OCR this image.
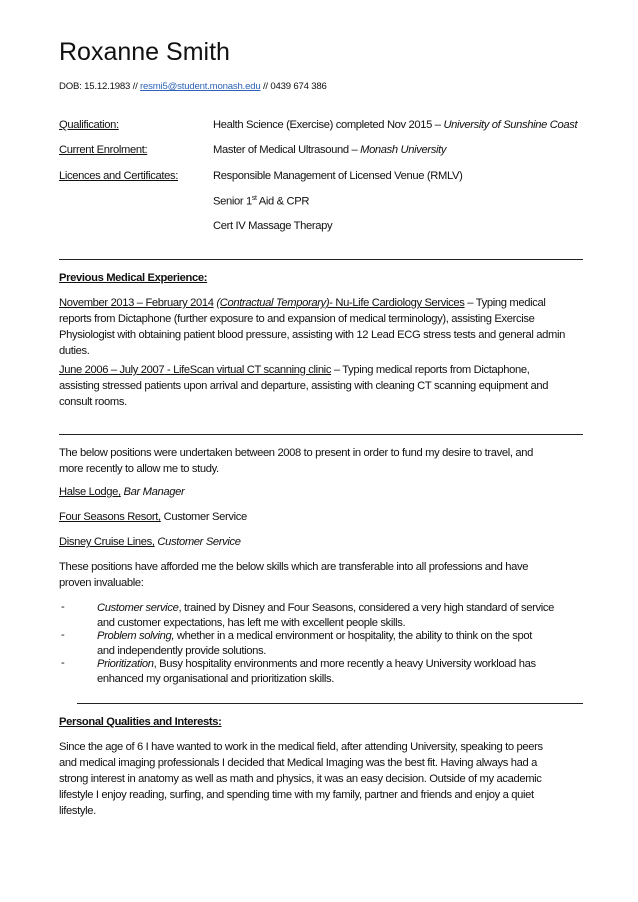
Roxanne Smith
DOB: 15.12.1983 // resmi5@student.monash.edu // 0439 674 386
Qualification:	Health Science (Exercise) completed Nov 2015 – University of Sunshine Coast
Current Enrolment:	Master of Medical Ultrasound – Monash University
Licences and Certificates:	Responsible Management of Licensed Venue (RMLV)
Senior 1st Aid & CPR
Cert IV Massage Therapy
Previous Medical Experience:
November 2013 – February 2014 (Contractual Temporary)- Nu-Life Cardiology Services – Typing medical
reports from Dictaphone (further exposure to and expansion of medical terminology), assisting Exercise
Physiologist with obtaining patient blood pressure, assisting with 12 Lead ECG stress tests and general admin
duties.
June 2006 – July 2007 - LifeScan virtual CT scanning clinic – Typing medical reports from Dictaphone,
assisting stressed patients upon arrival and departure, assisting with cleaning CT scanning equipment and
consult rooms.
The below positions were undertaken between 2008 to present in order to fund my desire to travel, and
more recently to allow me to study.
Halse Lodge, Bar Manager
Four Seasons Resort, Customer Service
Disney Cruise Lines, Customer Service
These positions have afforded me the below skills which are transferable into all professions and have
proven invaluable:
-	Customer service, trained by Disney and Four Seasons, considered a very high standard of service
and customer expectations, has left me with excellent people skills.
-	Problem solving, whether in a medical environment or hospitality, the ability to think on the spot
and independently provide solutions.
-	Prioritization, Busy hospitality environments and more recently a heavy University workload has
enhanced my organisational and prioritization skills.
Personal Qualities and Interests:
Since the age of 6 I have wanted to work in the medical field, after attending University, speaking to peers
and medical imaging professionals I decided that Medical Imaging was the best fit. Having always had a
strong interest in anatomy as well as math and physics, it was an easy decision. Outside of my academic
lifestyle I enjoy reading, surfing, and spending time with my family, partner and friends and enjoy a quiet
lifestyle.
